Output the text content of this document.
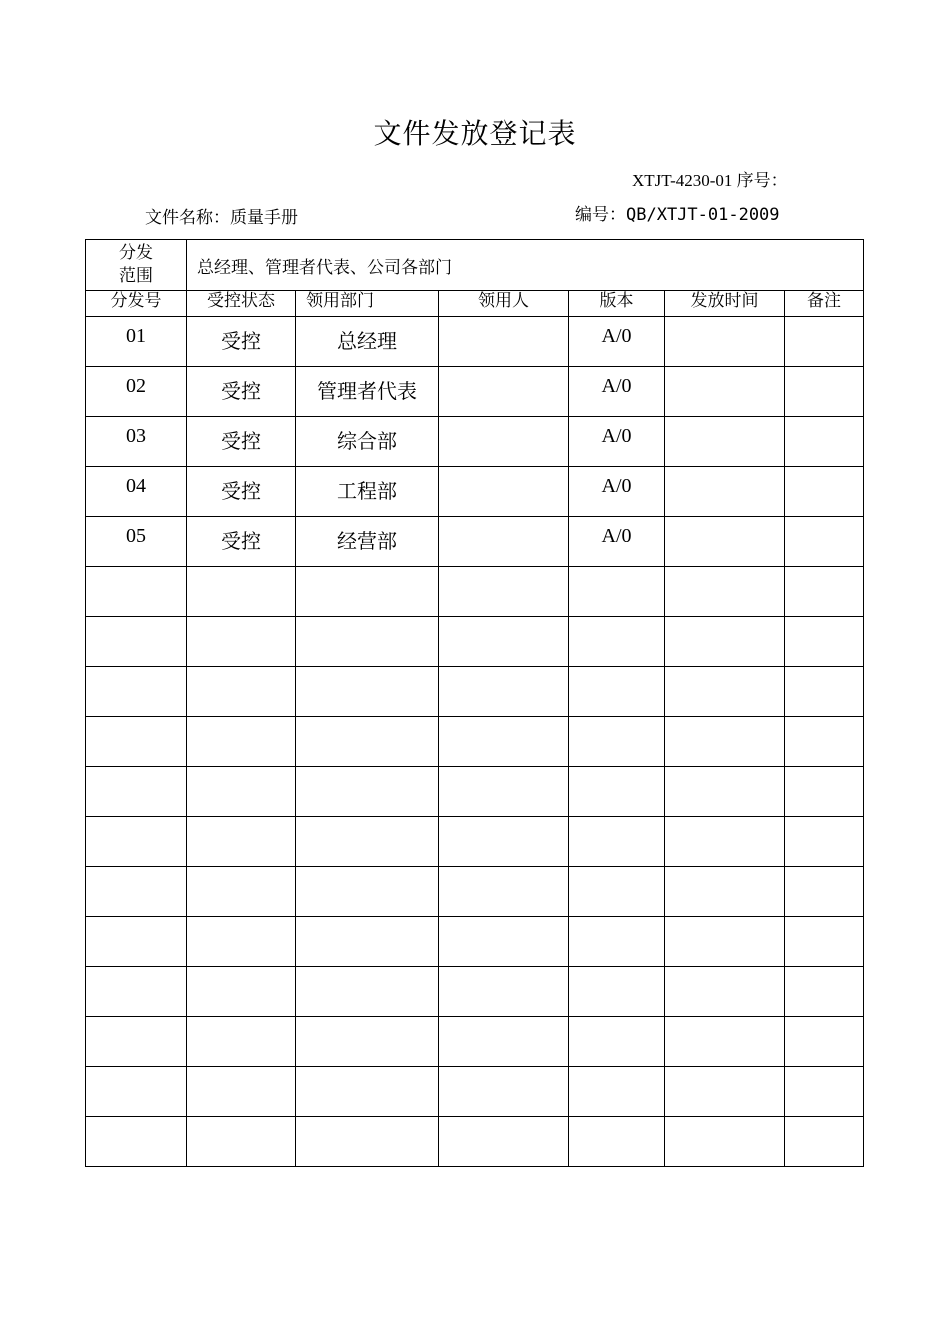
文件发放登记表
XTJT-4230-01 序号：
文件名称：质量手册	编号：QB/XTJT-01-2009
分发
范围	总经理、管理者代表、公司各部门					
分发号	受控状态	领用部门	领用人	版本	发放时间	备注
01	受控	总经理		A/0		
02	受控	管理者代表		A/0		
03	受控	综合部		A/0		
04	受控	工程部		A/0		
05	受控	经营部		A/0		
